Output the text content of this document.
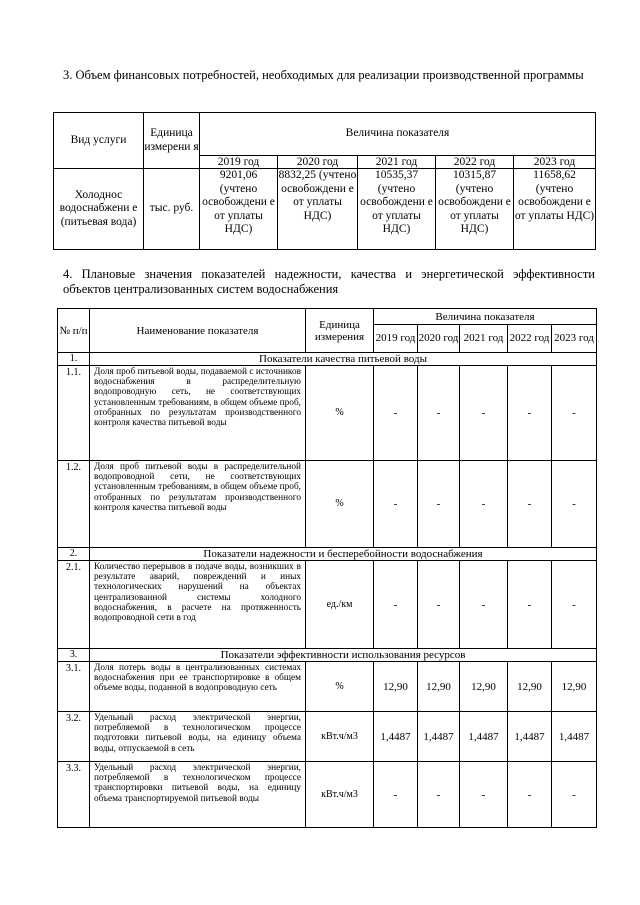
3. Объем финансовых потребностей, необходимых для реализации производственной программы
Вид услуги	Единица измерени я	Величина показателя				
		2019 год	2020 год	2021 год	2022 год	2023 год
Холоднос водоснабжени е (питьевая вода)	тыс. руб.	9201,06 (учтено освобождени е от уплаты НДС)	8832,25 (учтено освобождени е от уплаты НДС)	10535,37 (учтено освобождени е от уплаты НДС)	10315,87 (учтено освобождени е от уплаты НДС)	11658,62 (учтено освобождени е от уплаты НДС)
4. Плановые значения показателей надежности, качества и энергетической эффективности объектов централизованных систем водоснабжения
№ п/п	Наименование показателя	Единица измерения	Величина показателя				
			2019 год	2020 год	2021 год	2022 год	2023 год
1.	Показатели качества питьевой воды						
1.1.	Доля проб питьевой воды, подаваемой с источников водоснабжения в распределительную водопроводную сеть, не соответствующих установленным требованиям, в общем объеме проб, отобранных по результатам производственного контроля качества питьевой воды	%	-	-	-	-	-
1.2.	Доля проб питьевой воды в распределительной водопроводной сети, не соответствующих установленным требованиям, в общем объеме проб, отобранных по результатам производственного контроля качества питьевой воды	%	-	-	-	-	-
2.	Показатели надежности и бесперебойности водоснабжения						
2.1.	Количество перерывов в подаче воды, возникших в результате аварий, повреждений и иных технологических нарушений на объектах централизованной системы холодного водоснабжения, в расчете на протяженность водопроводной сети в год	ед./км	-	-	-	-	-
3.	Показатели эффективности использования ресурсов						
3.1.	Доля потерь воды в централизованных системах водоснабжения при ее транспортировке в общем объеме воды, поданной в водопроводную сеть	%	12,90	12,90	12,90	12,90	12,90
3.2.	Удельный расход электрической энергии, потребляемой в технологическом процессе подготовки питьевой воды, на единицу объема воды, отпускаемой в сеть	кВт.ч/м3	1,4487	1,4487	1,4487	1,4487	1,4487
3.3.	Удельный расход электрической энергии, потребляемой в технологическом процессе транспортировки питьевой воды, на единицу объема транспортируемой питьевой воды	кВт.ч/м3	-	-	-	-	-
